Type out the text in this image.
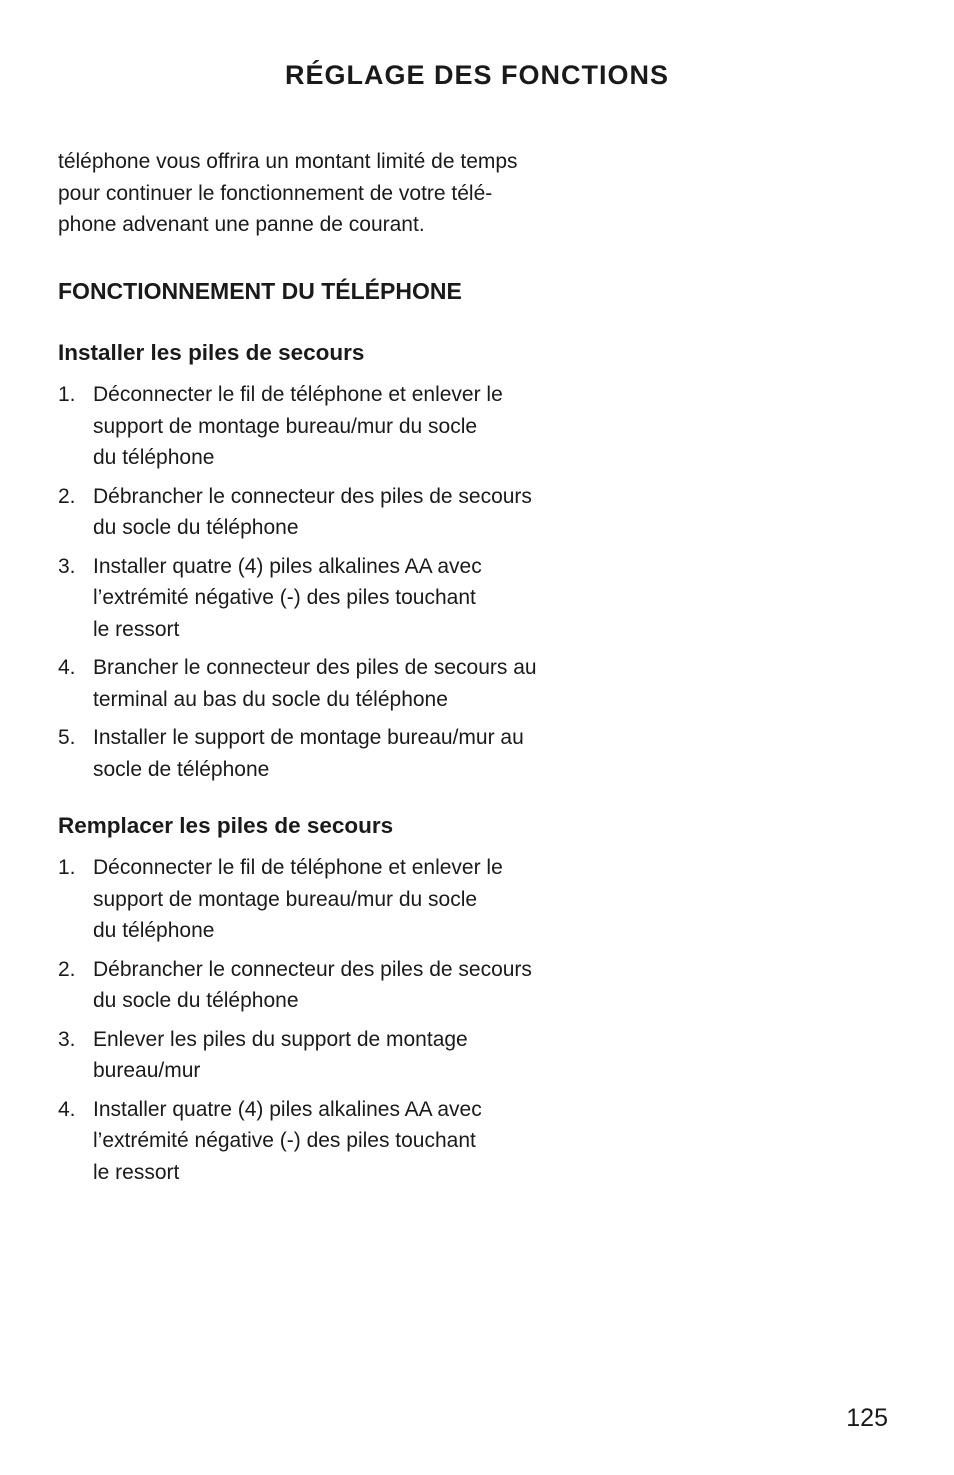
RÉGLAGE DES FONCTIONS
téléphone vous offrira un montant limité de temps
pour continuer le fonctionnement de votre télé-
phone advenant une panne de courant.
FONCTIONNEMENT DU TÉLÉPHONE
Installer les piles de secours
1. Déconnecter le fil de téléphone et enlever le
support de montage bureau/mur du socle
du téléphone
2. Débrancher le connecteur des piles de secours
du socle du téléphone
3. Installer quatre (4) piles alkalines AA avec
l’extrémité négative (-) des piles touchant
le ressort
4. Brancher le connecteur des piles de secours au
terminal au bas du socle du téléphone
5. Installer le support de montage bureau/mur au
socle de téléphone
Remplacer les piles de secours
1. Déconnecter le fil de téléphone et enlever le
support de montage bureau/mur du socle
du téléphone
2. Débrancher le connecteur des piles de secours
du socle du téléphone
3. Enlever les piles du support de montage
bureau/mur
4. Installer quatre (4) piles alkalines AA avec
l’extrémité négative (-) des piles touchant
le ressort
125
